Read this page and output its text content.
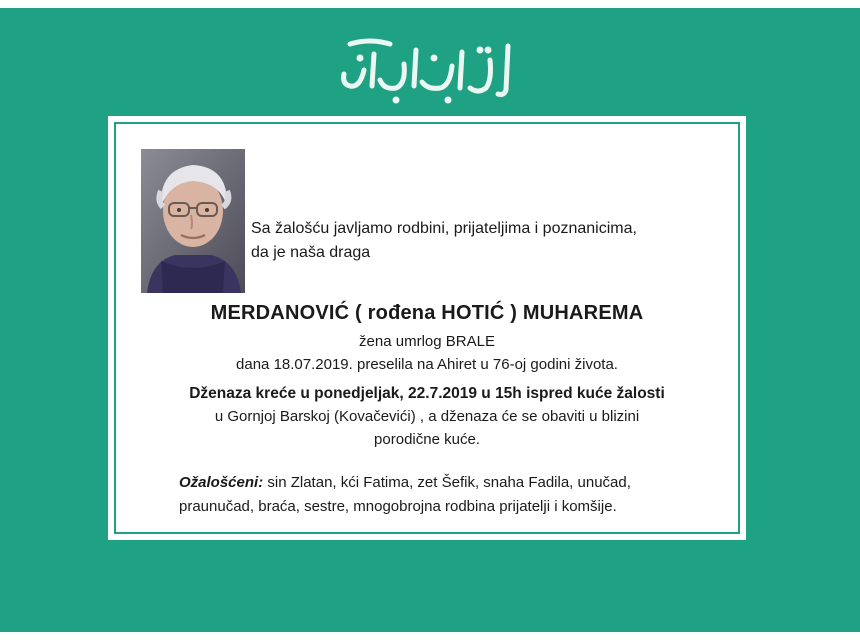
Sa žalošću javljamo rodbini, prijateljima i poznanicima,
da je naša draga
MERDANOVIĆ ( rođena HOTIĆ ) MUHAREMA
žena umrlog BRALE
dana 18.07.2019. preselila na Ahiret u 76-oj godini života.
Dženaza kreće u ponedjeljak, 22.7.2019 u 15h ispred kuće žalosti
u Gornjoj Barskoj (Kovačevići) , a dženaza će se obaviti u blizini
porodične kuće.
Ožalošćeni: sin Zlatan, kći Fatima, zet Šefik, snaha Fadila, unučad,
praunučad, braća, sestre, mnogobrojna rodbina prijatelji i komšije.
